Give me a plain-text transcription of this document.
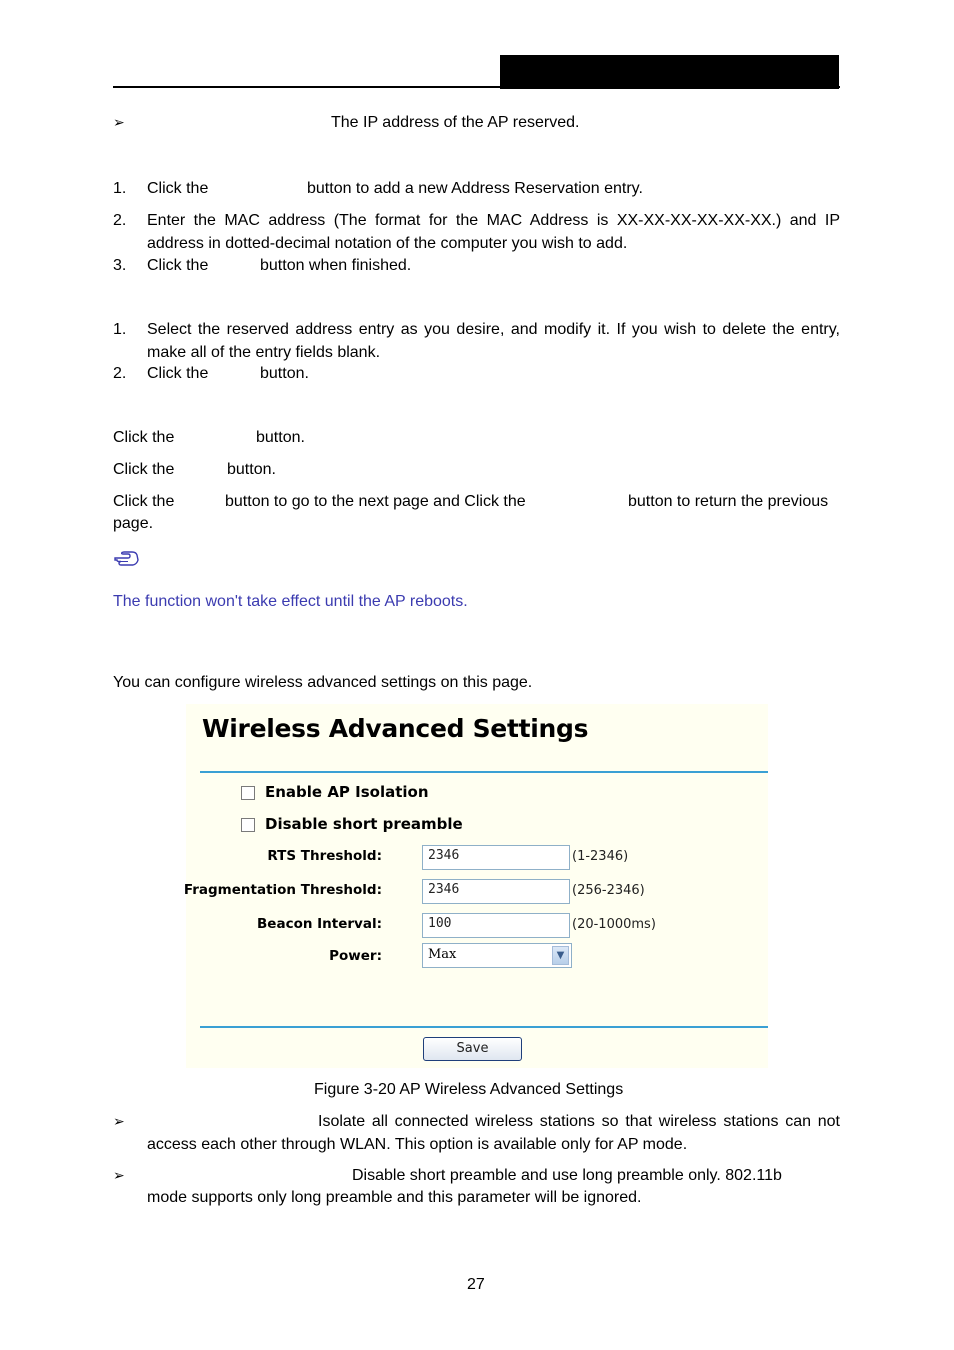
➢	The IP address of the AP reserved.
1. Click the	button to add a new Address Reservation entry.
2. Enter the MAC address (The format for the MAC Address is XX-XX-XX-XX-XX-XX.) and IP address in dotted-decimal notation of the computer you wish to add.
3. Click the	button when finished.
1. Select the reserved address entry as you desire, and modify it. If you wish to delete the entry, make all of the entry fields blank.
2. Click the	button.
Click the	button.
Click the	button.
Click the	button to go to the next page and Click the	button to return the previous
page.
The function won't take effect until the AP reboots.
You can configure wireless advanced settings on this page.
Wireless Advanced Settings
Enable AP Isolation
Disable short preamble
RTS Threshold:	2346	(1-2346)
Fragmentation Threshold:	2346	(256-2346)
Beacon Interval:	100	(20-1000ms)
Power:	Max	▼
Save
Figure 3-20 AP Wireless Advanced Settings
➢	Isolate all connected wireless stations so that wireless stations can not access each other through WLAN. This option is available only for AP mode.
➢	Disable short preamble and use long preamble only. 802.11b
mode supports only long preamble and this parameter will be ignored.
27
